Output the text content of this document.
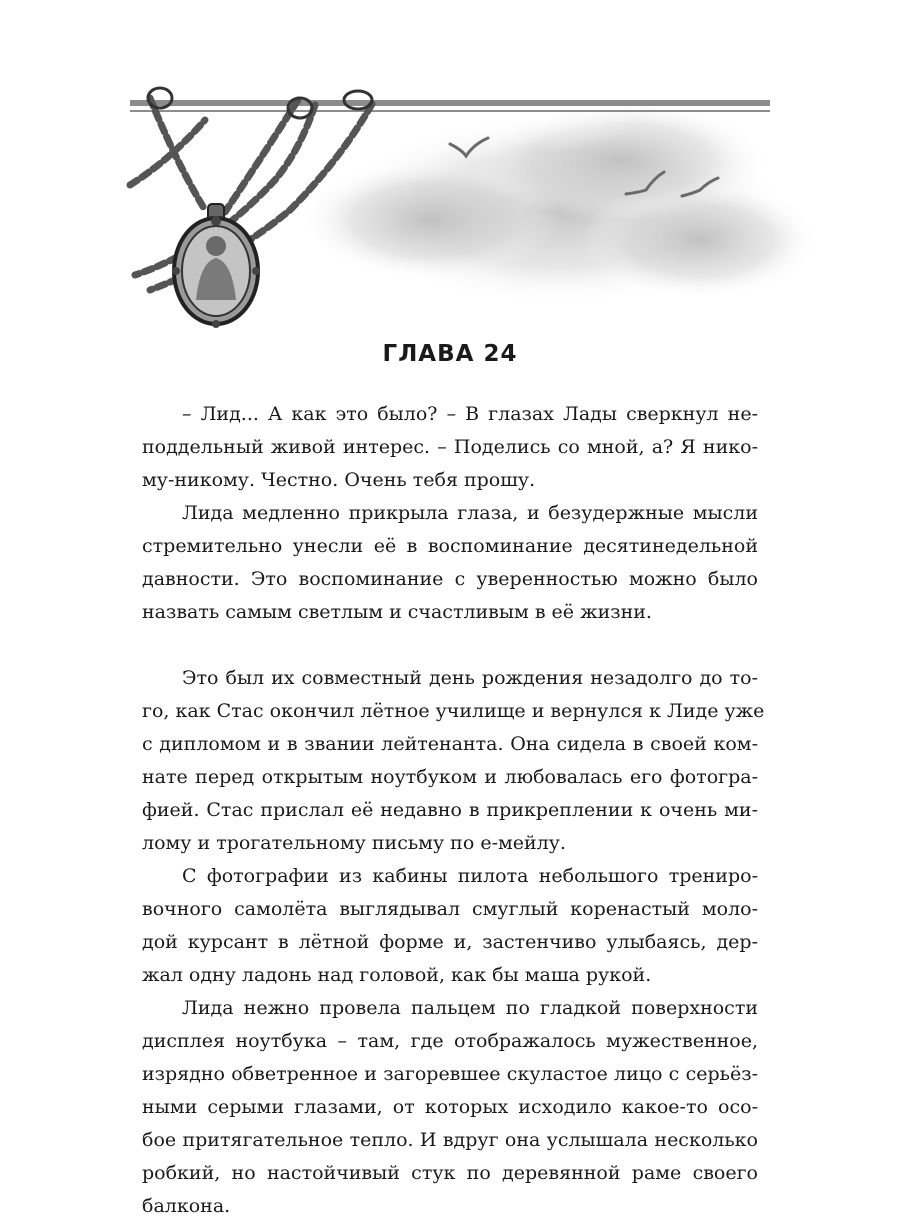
ГЛАВА 24

– Лид... А как это было? – В глазах Лады сверкнул не-
поддельный живой интерес. – Поделись со мной, а? Я нико-
му-никому. Честно. Очень тебя прошу.

Лида медленно прикрыла глаза, и безудержные мысли
стремительно унесли её в воспоминание десятинедельной
давности. Это воспоминание с уверенностью можно было
назвать самым светлым и счастливым в её жизни.

Это был их совместный день рождения незадолго до то-
го, как Стас окончил лётное училище и вернулся к Лиде уже
с дипломом и в звании лейтенанта. Она сидела в своей ком-
нате перед открытым ноутбуком и любовалась его фотогра-
фией. Стас прислал её недавно в прикреплении к очень ми-
лому и трогательному письму по е-мейлу.

С фотографии из кабины пилота небольшого трениро-
вочного самолёта выглядывал смуглый коренастый моло-
дой курсант в лётной форме и, застенчиво улыбаясь, дер-
жал одну ладонь над головой, как бы маша рукой.

Лида нежно провела пальцем по гладкой поверхности
дисплея ноутбука – там, где отображалось мужественное,
изрядно обветренное и загоревшее скуластое лицо с серьёз-
ными серыми глазами, от которых исходило какое-то осо-
бое притягательное тепло. И вдруг она услышала несколько
робкий, но настойчивый стук по деревянной раме своего
балкона.
